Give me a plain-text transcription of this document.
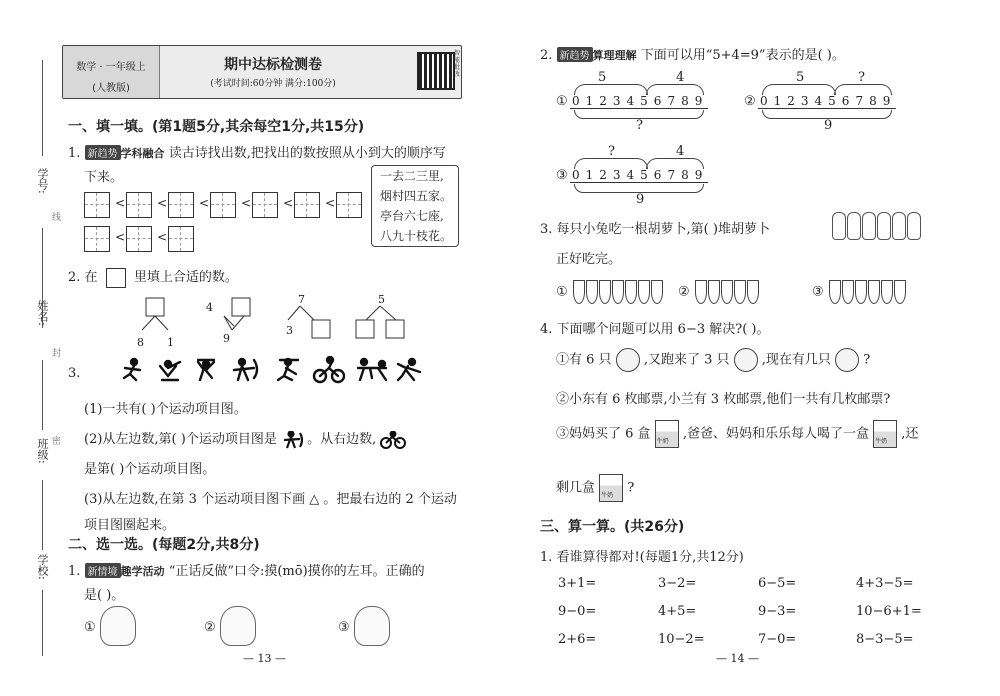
学号:
线
姓名:
封
班级: 密
学校:
数学 · 一年级上
(人教版)
期中达标检测卷
(考试时间:60分钟 满分:100分)
智能批改
一、填一填。(第1题5分,其余每空1分,共15分)
1. 新趋势 学科融合 读古诗找出数,把找出的数按照从小到大的顺序写
下来。
<	<	<	<	<	<
<	<
一去二三里,
烟村四五家。
亭台六七座,
八九十枝花。
2. 在	里填上合适的数。
8 1
4
9
7
3
5
3.
(1)一共有( )个运动项目图。
(2)从左边数,第( )个运动项目图是 。从右边数,
是第( )个运动项目图。
(3)从左边数,在第 3 个运动项目图下画 △ 。把最右边的 2 个运动
项目图圈起来。
二、选一选。(每题2分,共8分)
1. 新情境 趣学活动 “正话反做”口令:摸(mō)摸你的左耳。正确的
是( )。
①	②	③
— 13 —
2. 新趋势 算理理解 下面可以用“5+4=9”表示的是( )。
①
5	4
0123456789
?
②
5	?
0123456789
9
③
?	4
0123456789
9
3. 每只小兔吃一根胡萝卜,第( )堆胡萝卜
正好吃完。
①	②	③
4. 下面哪个问题可以用 6−3 解决?( )。
①有 6 只 ,又跑来了 3 只 ,现在有几只 ?
②小东有 6 枚邮票,小兰有 3 枚邮票,他们一共有几枚邮票?
③妈妈买了 6 盒 牛奶 ,爸爸、妈妈和乐乐每人喝了一盒 牛奶 ,还
剩几盒 牛奶 ?
三、算一算。(共26分)
1. 看谁算得都对!(每题1分,共12分)
3+1=	3−2=	6−5=	4+3−5=
9−0=	4+5=	9−3=	10−6+1=
2+6=	10−2=	7−0=	8−3−5=
— 14 —
